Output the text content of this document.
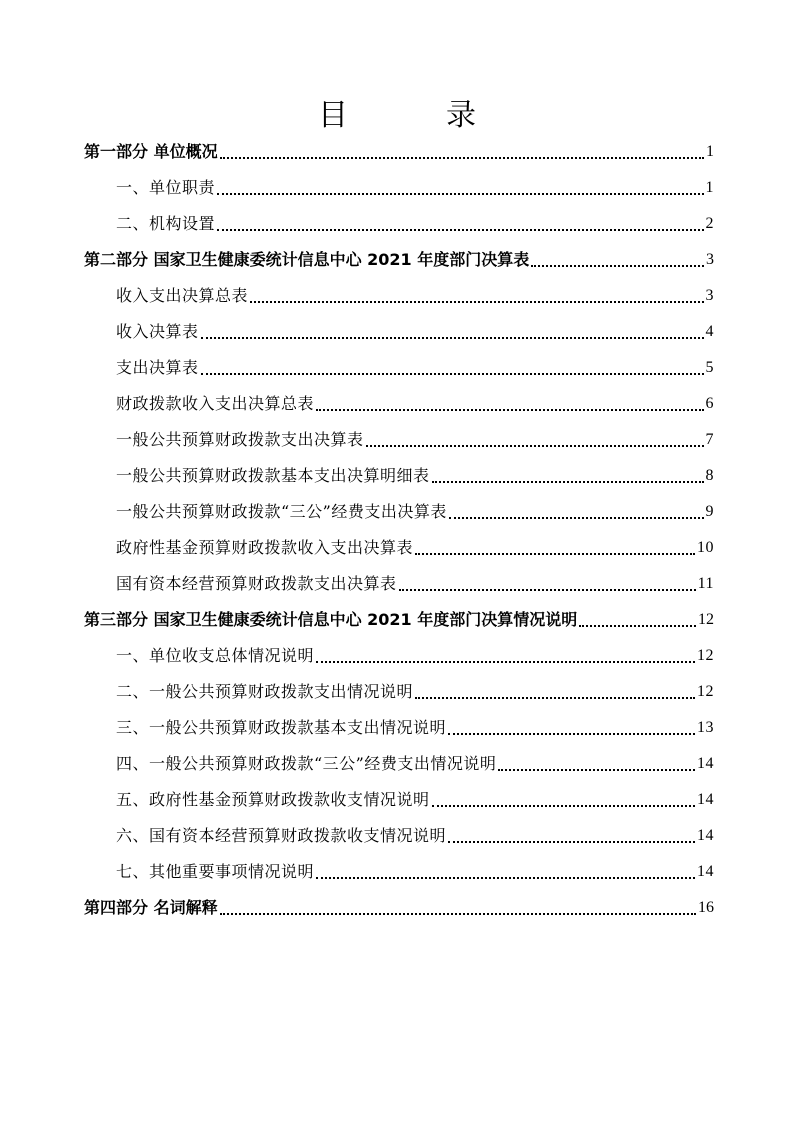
目　录
第一部分 单位概况	1
一、单位职责	1
二、机构设置	2
第二部分 国家卫生健康委统计信息中心 2021 年度部门决算表	3
收入支出决算总表	3
收入决算表	4
支出决算表	5
财政拨款收入支出决算总表	6
一般公共预算财政拨款支出决算表	7
一般公共预算财政拨款基本支出决算明细表	8
一般公共预算财政拨款“三公”经费支出决算表	9
政府性基金预算财政拨款收入支出决算表	10
国有资本经营预算财政拨款支出决算表	11
第三部分 国家卫生健康委统计信息中心 2021 年度部门决算情况说明	12
一、单位收支总体情况说明	12
二、一般公共预算财政拨款支出情况说明	12
三、一般公共预算财政拨款基本支出情况说明	13
四、一般公共预算财政拨款“三公”经费支出情况说明	14
五、政府性基金预算财政拨款收支情况说明	14
六、国有资本经营预算财政拨款收支情况说明	14
七、其他重要事项情况说明	14
第四部分 名词解释	16
